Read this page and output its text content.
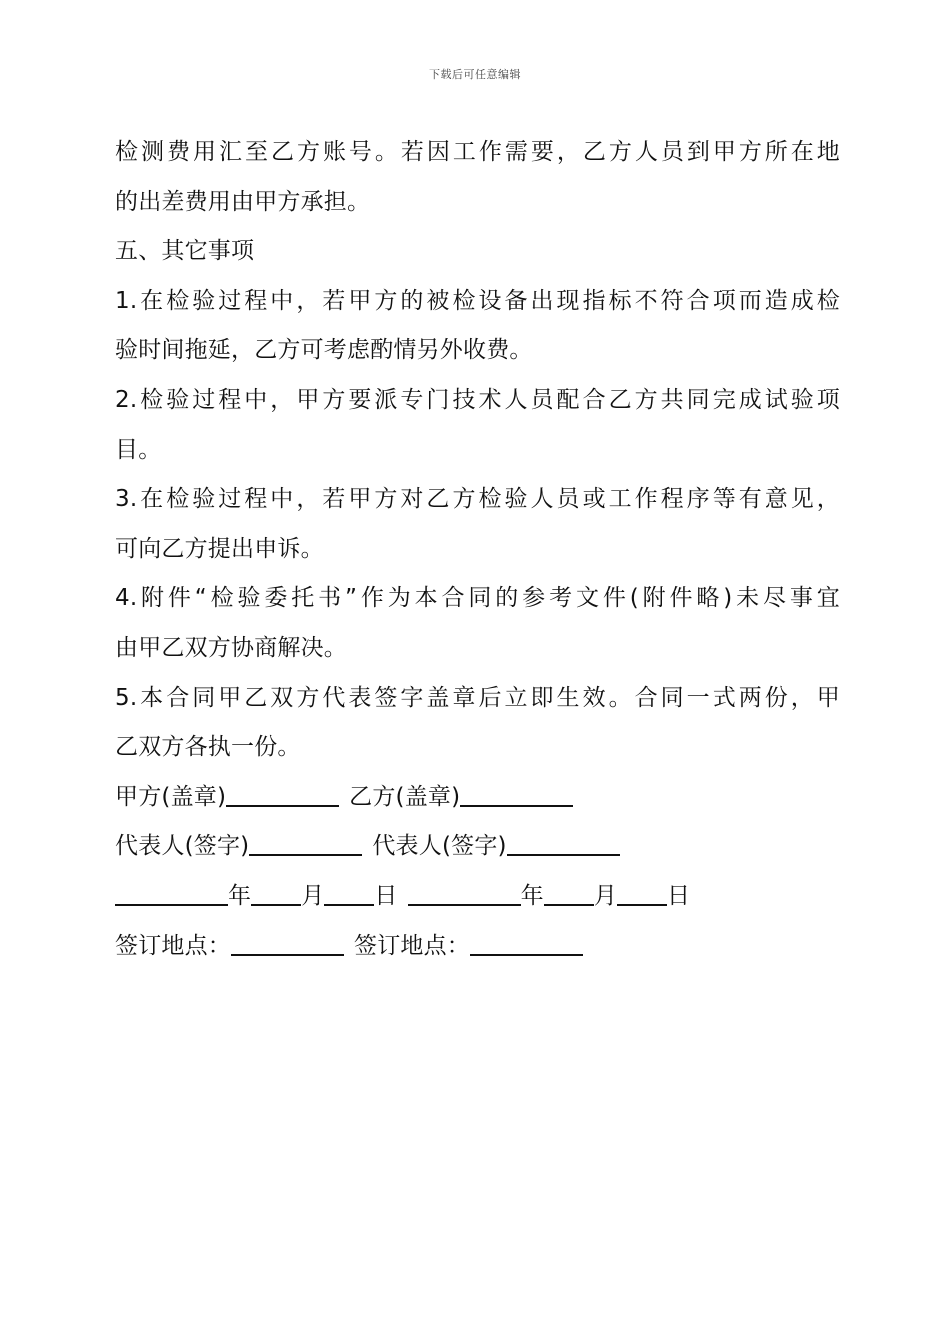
下载后可任意编辑
检测费用汇至乙方账号。若因工作需要，乙方人员到甲方所在地
的出差费用由甲方承担。
五、其它事项
1.在检验过程中，若甲方的被检设备出现指标不符合项而造成检
验时间拖延，乙方可考虑酌情另外收费。
2.检验过程中，甲方要派专门技术人员配合乙方共同完成试验项
目。
3.在检验过程中，若甲方对乙方检验人员或工作程序等有意见，
可向乙方提出申诉。
4.附件“检验委托书”作为本合同的参考文件(附件略)未尽事宜
由甲乙双方协商解决。
5.本合同甲乙双方代表签字盖章后立即生效。合同一式两份，甲
乙双方各执一份。
甲方(盖章)	乙方(盖章)
代表人(签字)	代表人(签字)
年 月 日	年 月 日
签订地点：	签订地点：
